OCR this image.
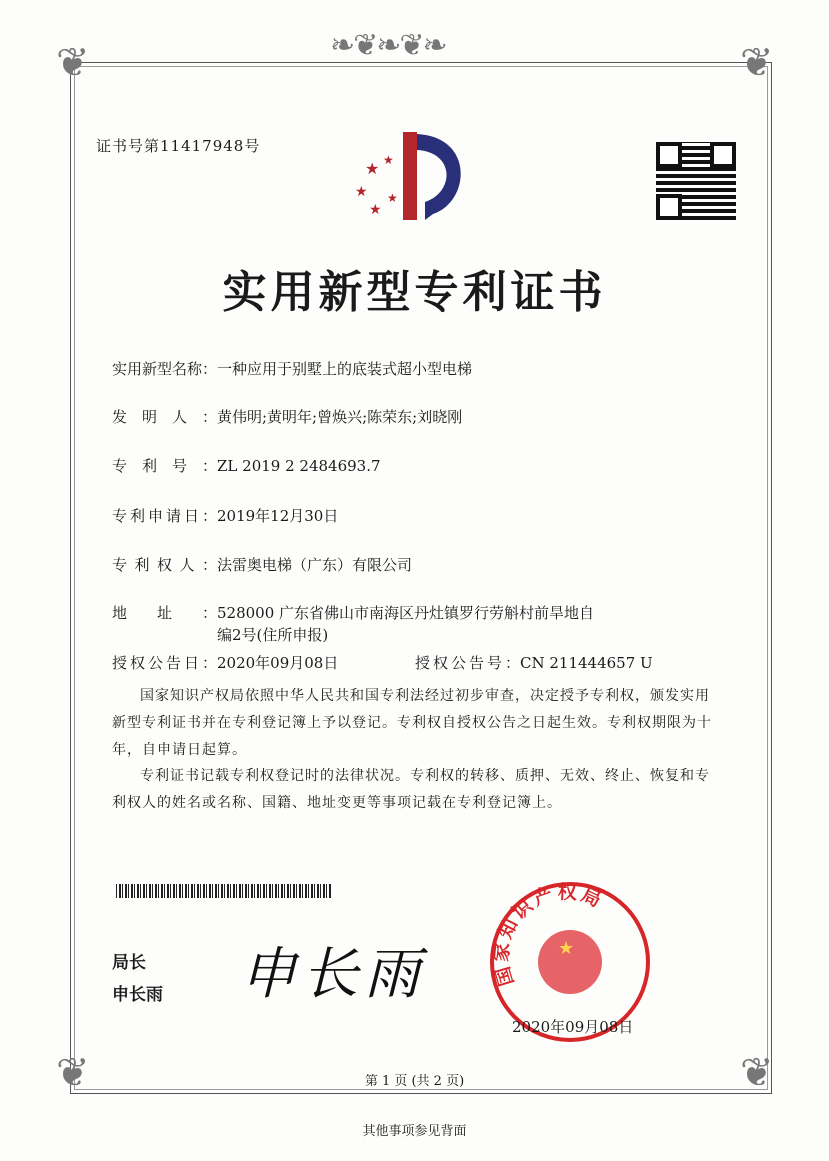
❦	❦
❦	❦
❧❦❧❦❧
证书号第11417948号
★
★
★
★
★
实用新型专利证书
实用新型名称：一种应用于别墅上的底装式超小型电梯
发明人：黄伟明;黄明年;曾焕兴;陈荣东;刘晓刚
专利号：ZL 2019 2 2484693.7
专利申请日：2019年12月30日
专利权人：法雷奥电梯（广东）有限公司
地址：528000 广东省佛山市南海区丹灶镇罗行劳斛村前旱地自
编2号(住所申报)
授权公告日：2020年09月08日	授权公告号：CN 211444657 U
国家知识产权局依照中华人民共和国专利法经过初步审查，决定授予专利权，颁发实用新型专利证书并在专利登记簿上予以登记。专利权自授权公告之日起生效。专利权期限为十年，自申请日起算。
专利证书记载专利权登记时的法律状况。专利权的转移、质押、无效、终止、恢复和专利权人的姓名或名称、国籍、地址变更等事项记载在专利登记簿上。
局长
申长雨 申长雨	国家知识产权局
★
2020年09月08日
第 1 页 (共 2 页)
其他事项参见背面
